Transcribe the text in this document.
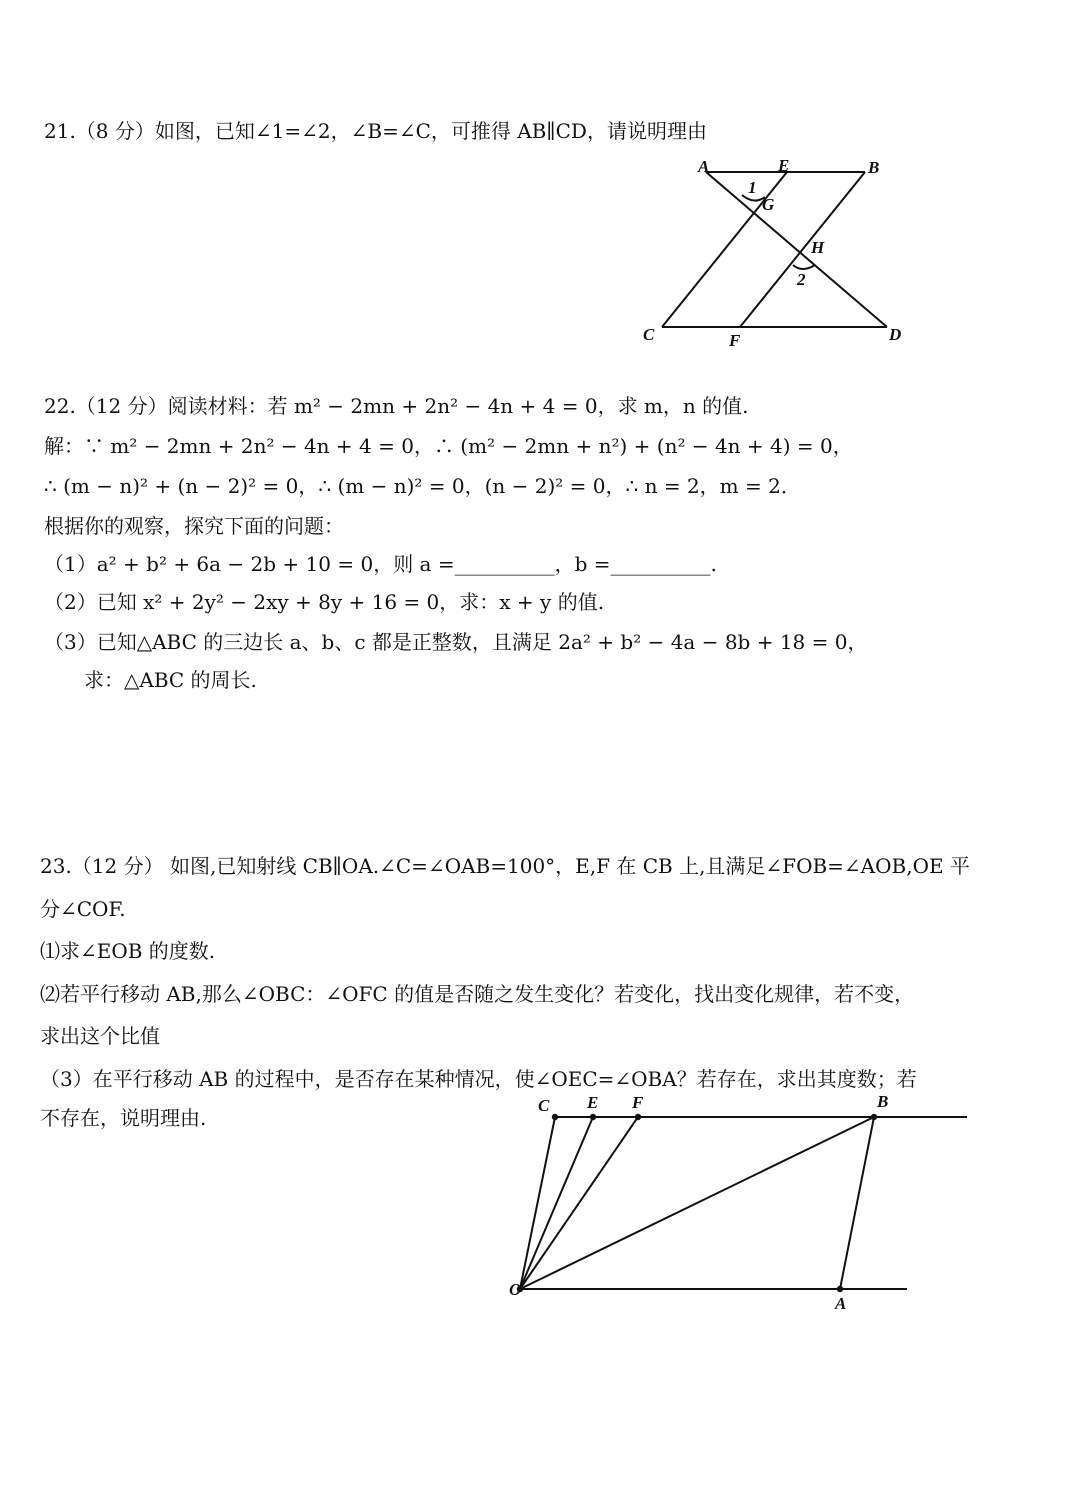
21.（8 分）如图，已知∠1=∠2，∠B=∠C，可推得 AB∥CD，请说明理由
A	E	B
1
G
H
2
C	F	D
22.（12 分）阅读材料：若 m² − 2mn + 2n² − 4n + 4 = 0，求 m，n 的值.
解：∵ m² − 2mn + 2n² − 4n + 4 = 0，∴ (m² − 2mn + n²) + (n² − 4n + 4) = 0，
∴ (m − n)² + (n − 2)² = 0，∴ (m − n)² = 0，(n − 2)² = 0，∴ n = 2，m = 2．
根据你的观察，探究下面的问题：
（1）a² + b² + 6a − 2b + 10 = 0，则 a =__________，b =__________.
（2）已知 x² + 2y² − 2xy + 8y + 16 = 0，求：x + y 的值.
（3）已知△ABC 的三边长 a、b、c 都是正整数，且满足 2a² + b² − 4a − 8b + 18 = 0，
求：△ABC 的周长.
23.（12 分） 如图,已知射线 CB∥OA.∠C=∠OAB=100°，E,F 在 CB 上,且满足∠FOB=∠AOB,OE 平
分∠COF.
⑴求∠EOB 的度数.
⑵若平行移动 AB,那么∠OBC：∠OFC 的值是否随之发生变化？若变化，找出变化规律，若不变，
求出这个比值
（3）在平行移动 AB 的过程中，是否存在某种情况，使∠OEC=∠OBA？若存在，求出其度数；若
不存在，说明理由.
C E F	B
O
A
